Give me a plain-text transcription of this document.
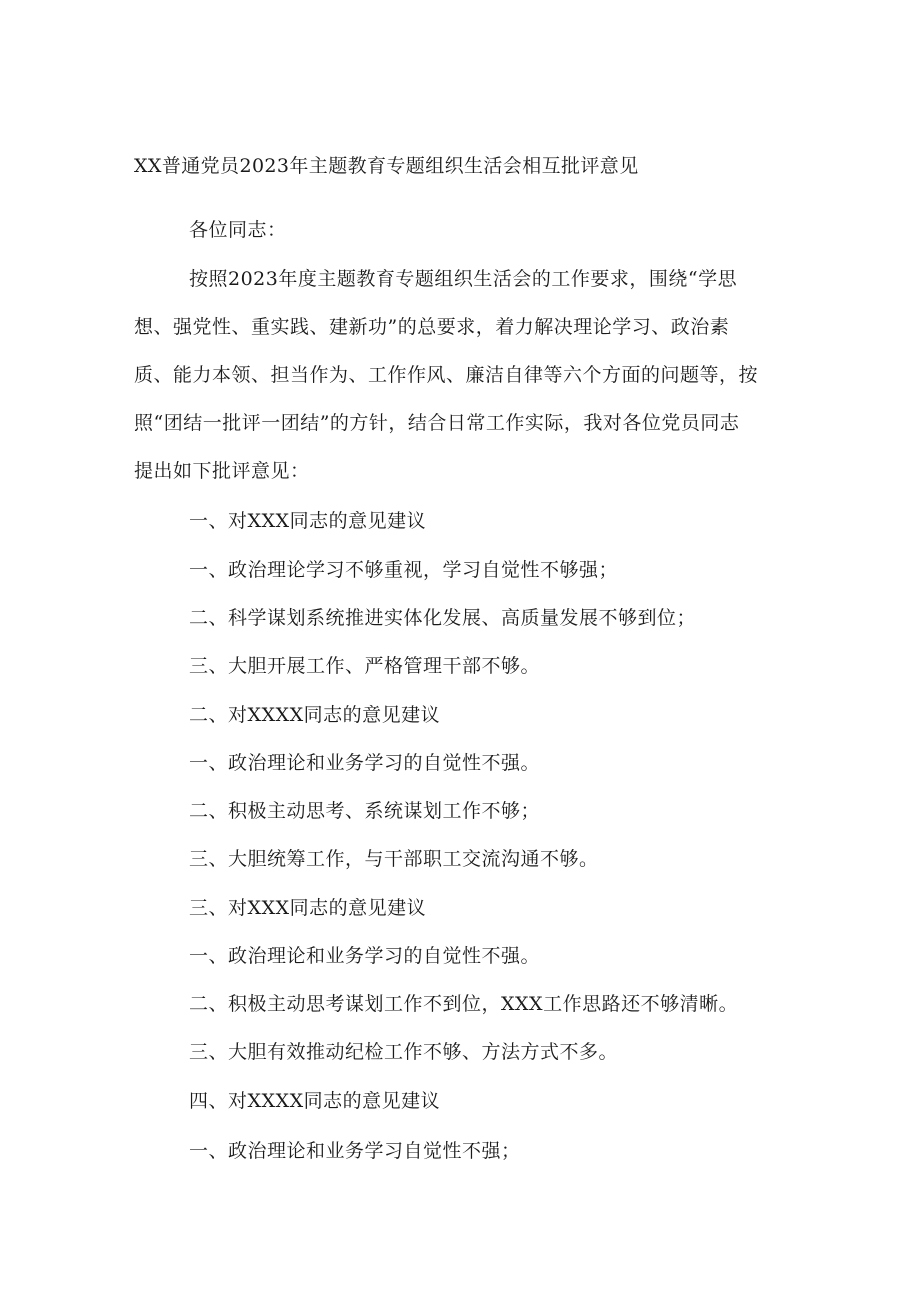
XX普通党员2023年主题教育专题组织生活会相互批评意见
各位同志：
按照2023年度主题教育专题组织生活会的工作要求，围绕“学思
想、强党性、重实践、建新功”的总要求，着力解决理论学习、政治素
质、能力本领、担当作为、工作作风、廉洁自律等六个方面的问题等，按
照“团结一批评一团结”的方针，结合日常工作实际，我对各位党员同志
提出如下批评意见：
一、对XXX同志的意见建议
一、政治理论学习不够重视，学习自觉性不够强；
二、科学谋划系统推进实体化发展、高质量发展不够到位；
三、大胆开展工作、严格管理干部不够。
二、对XXXX同志的意见建议
一、政治理论和业务学习的自觉性不强。
二、积极主动思考、系统谋划工作不够；
三、大胆统筹工作，与干部职工交流沟通不够。
三、对XXX同志的意见建议
一、政治理论和业务学习的自觉性不强。
二、积极主动思考谋划工作不到位，XXX工作思路还不够清晰。
三、大胆有效推动纪检工作不够、方法方式不多。
四、对XXXX同志的意见建议
一、政治理论和业务学习自觉性不强；
